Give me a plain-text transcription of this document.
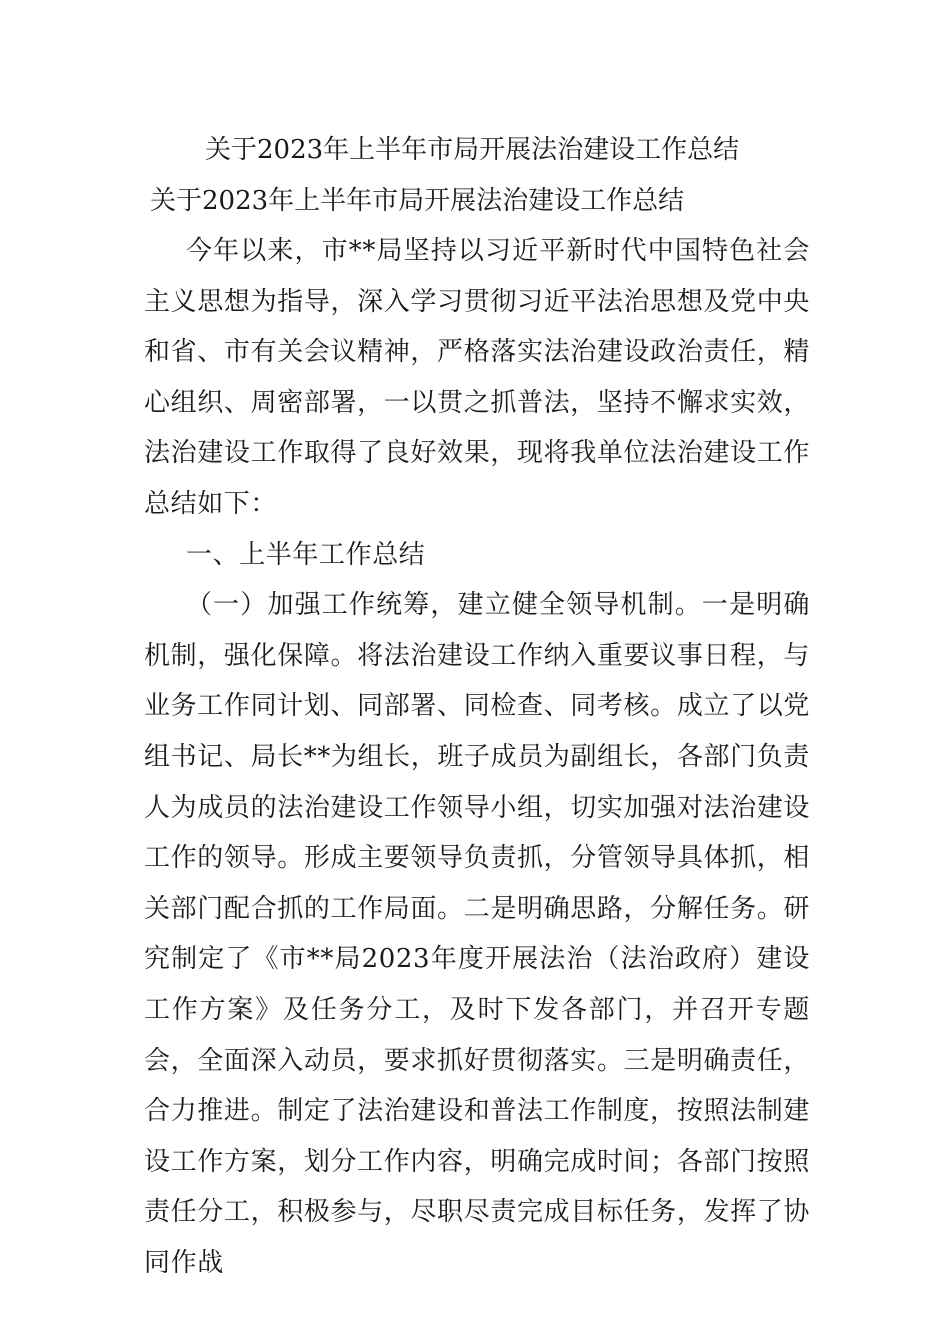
关于2023年上半年市局开展法治建设工作总结
关于2023年上半年市局开展法治建设工作总结

今年以来，市**局坚持以习近平新时代中国特色社会主义思想为指导，深入学习贯彻习近平法治思想及党中央和省、市有关会议精神，严格落实法治建设政治责任，精心组织、周密部署，一以贯之抓普法，坚持不懈求实效，法治建设工作取得了良好效果，现将我单位法治建设工作总结如下：

一、上半年工作总结

（一）加强工作统筹，建立健全领导机制。一是明确机制，强化保障。将法治建设工作纳入重要议事日程，与业务工作同计划、同部署、同检查、同考核。成立了以党组书记、局长**为组长，班子成员为副组长，各部门负责人为成员的法治建设工作领导小组，切实加强对法治建设工作的领导。形成主要领导负责抓，分管领导具体抓，相关部门配合抓的工作局面。二是明确思路，分解任务。研究制定了《市**局2023年度开展法治（法治政府）建设工作方案》及任务分工，及时下发各部门，并召开专题会，全面深入动员，要求抓好贯彻落实。三是明确责任，合力推进。制定了法治建设和普法工作制度，按照法制建设工作方案，划分工作内容，明确完成时间；各部门按照责任分工，积极参与，尽职尽责完成目标任务，发挥了协同作战
